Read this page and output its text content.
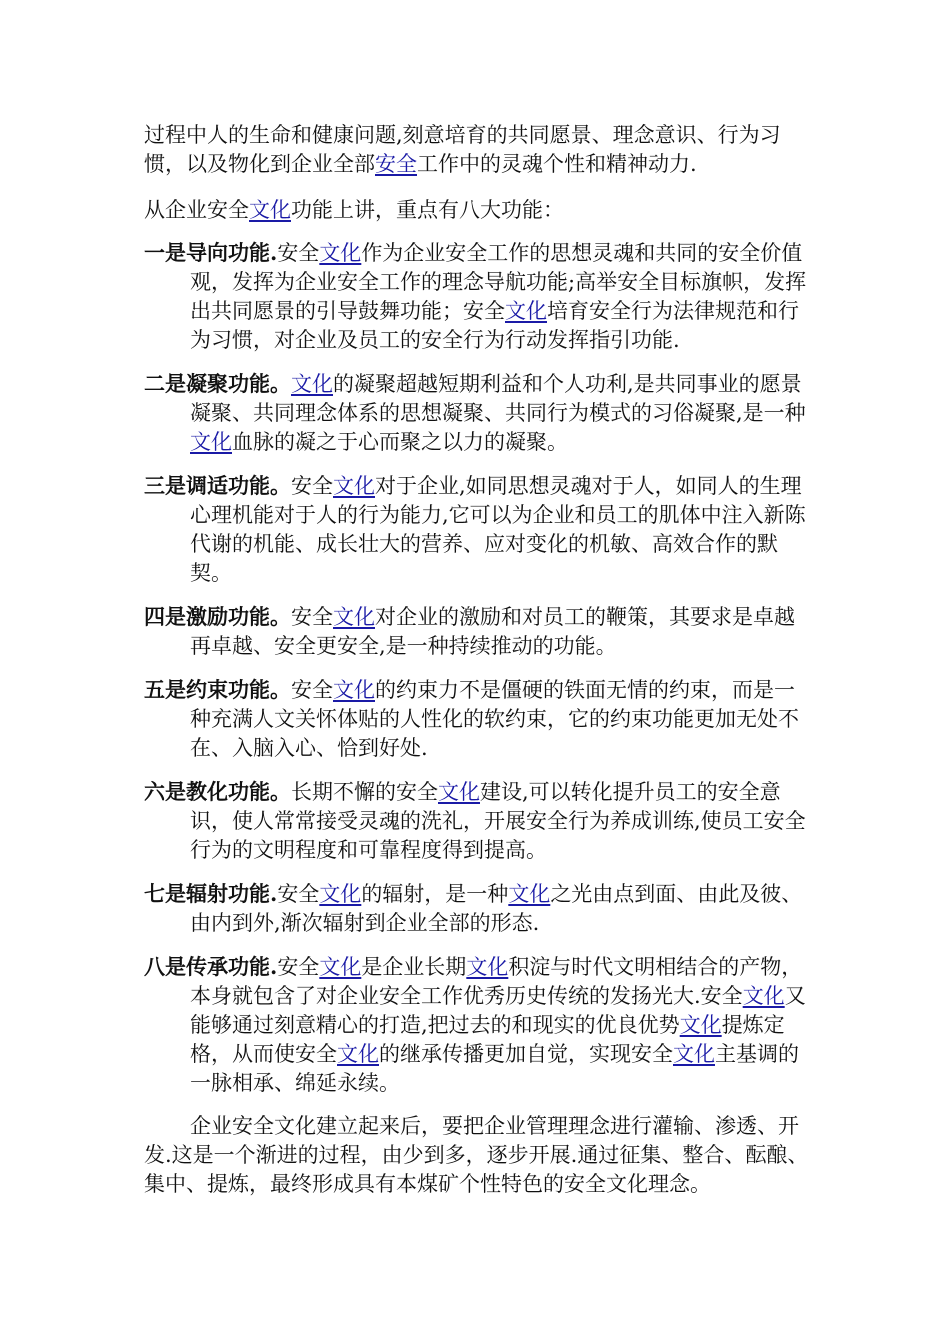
过程中人的生命和健康问题,刻意培育的共同愿景、理念意识、行为习惯，以及物化到企业全部安全工作中的灵魂个性和精神动力.

从企业安全文化功能上讲，重点有八大功能：

一是导向功能.安全文化作为企业安全工作的思想灵魂和共同的安全价值观，发挥为企业安全工作的理念导航功能;高举安全目标旗帜，发挥出共同愿景的引导鼓舞功能；安全文化培育安全行为法律规范和行为习惯，对企业及员工的安全行为行动发挥指引功能.

二是凝聚功能。文化的凝聚超越短期利益和个人功利,是共同事业的愿景凝聚、共同理念体系的思想凝聚、共同行为模式的习俗凝聚,是一种文化血脉的凝之于心而聚之以力的凝聚。

三是调适功能。安全文化对于企业,如同思想灵魂对于人，如同人的生理心理机能对于人的行为能力,它可以为企业和员工的肌体中注入新陈代谢的机能、成长壮大的营养、应对变化的机敏、高效合作的默契。

四是激励功能。安全文化对企业的激励和对员工的鞭策，其要求是卓越再卓越、安全更安全,是一种持续推动的功能。

五是约束功能。安全文化的约束力不是僵硬的铁面无情的约束，而是一种充满人文关怀体贴的人性化的软约束，它的约束功能更加无处不在、入脑入心、恰到好处.

六是教化功能。长期不懈的安全文化建设,可以转化提升员工的安全意识，使人常常接受灵魂的洗礼，开展安全行为养成训练,使员工安全行为的文明程度和可靠程度得到提高。

七是辐射功能.安全文化的辐射，是一种文化之光由点到面、由此及彼、由内到外,渐次辐射到企业全部的形态.

八是传承功能.安全文化是企业长期文化积淀与时代文明相结合的产物，本身就包含了对企业安全工作优秀历史传统的发扬光大.安全文化又能够通过刻意精心的打造,把过去的和现实的优良优势文化提炼定格，从而使安全文化的继承传播更加自觉，实现安全文化主基调的一脉相承、绵延永续。

企业安全文化建立起来后，要把企业管理理念进行灌输、渗透、开发.这是一个渐进的过程，由少到多，逐步开展.通过征集、整合、酝酿、集中、提炼，最终形成具有本煤矿个性特色的安全文化理念。
